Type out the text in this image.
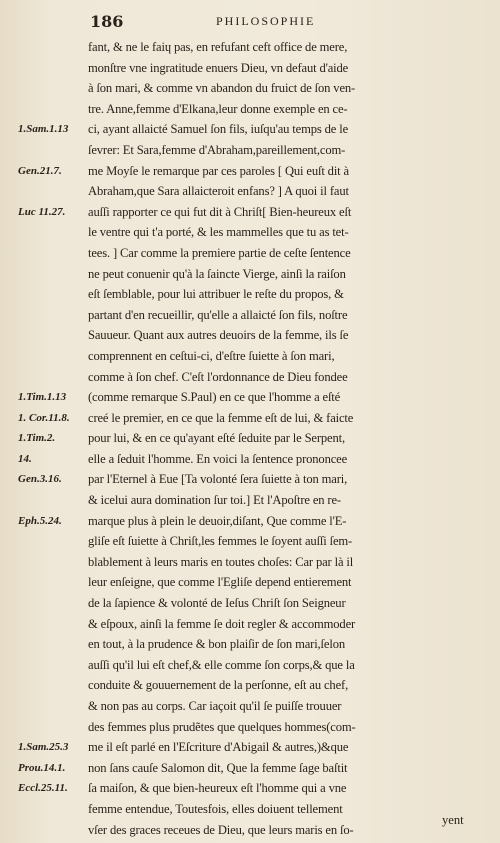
186	PHILOSOPHIE
fant, & ne le faiɥ pas, en refufant ceft office de mere,
monſtre vne ingratitude enuers Dieu, vn defaut d'aide
à ſon mari, & comme vn abandon du fruict de ſon ven-
tre. Anne,femme d'Elkana,leur donne exemple en ce-
1.Sam.1.13	ci, ayant allaicté Samuel ſon fils, iuſqu'au temps de le
ſevrer: Et Sara,femme d'Abraham,pareillement,com-
Gen.21.7.	me Moyſe le remarque par ces paroles [ Qui euſt dit à
Abraham,que Sara allaicteroit enfans? ] A quoi il faut
Luc 11.27.	auſſi rapporter ce qui fut dit à Chriſt[ Bien-heureux eſt
le ventre qui t'a porté, & les mammelles que tu as tet-
tees. ] Car comme la premiere partie de ceſte ſentence
ne peut conuenir qu'à la ſaincte Vierge, ainſi la raiſon
eſt ſemblable, pour lui attribuer le reſte du propos, &
partant d'en recueillir, qu'elle a allaicté ſon fils, noſtre
Sauueur. Quant aux autres deuoirs de la femme, ils ſe
comprennent en ceſtui-ci, d'eſtre ſuiette à ſon mari,
comme à ſon chef. C'eſt l'ordonnance de Dieu fondee
1.Tim.1.13	(comme remarque S.Paul) en ce que l'homme a eſté
1. Cor.11.8.	creé le premier, en ce que la femme eſt de lui, & faicte
1.Tim.2.	pour lui, & en ce qu'ayant eſté ſeduite par le Serpent,
14.	elle a ſeduit l'homme. En voici la ſentence prononcee
Gen.3.16.	par l'Eternel à Eue [Ta volonté ſera ſuiette à ton mari,
& icelui aura domination ſur toi.] Et l'Apoſtre en re-
Eph.5.24.	marque plus à plein le deuoir,diſant, Que comme l'E-
gliſe eſt ſuiette à Chriſt,les femmes le ſoyent auſſi ſem-
blablement à leurs maris en toutes choſes: Car par là il
leur enſeigne, que comme l'Egliſe depend entierement
de la ſapience & volonté de Ieſus Chriſt ſon Seigneur
& eſpoux, ainſi la femme ſe doit regler & accommoder
en tout, à la prudence & bon plaiſir de ſon mari,ſelon
auſſi qu'il lui eſt chef,& elle comme ſon corps,& que la
conduite & gouuernement de la perſonne, eſt au chef,
& non pas au corps. Car iaçoit qu'il ſe puiſſe trouuer
des femmes plus prudẽtes que quelques hommes(com-
1.Sam.25.3	me il eſt parlé en l'Eſcriture d'Abigail & autres,)&que
Prou.14.1.	non ſans cauſe Salomon dit, Que la femme ſage baſtit
Eccl.25.11.	ſa maiſon, & que bien-heureux eſt l'homme qui a vne
femme entendue, Toutesfois, elles doiuent tellement
vſer des graces receues de Dieu, que leurs maris en ſo-
yent
